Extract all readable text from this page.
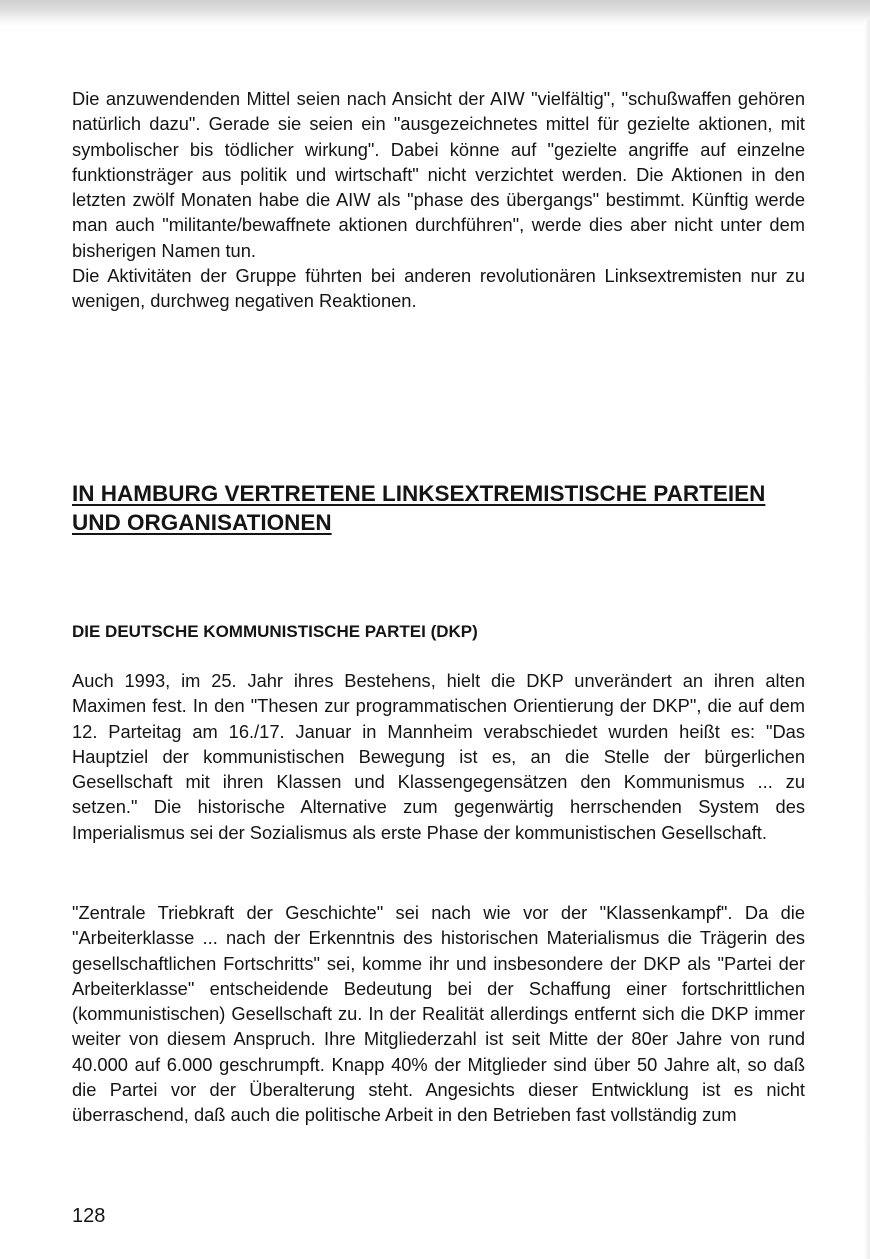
Die anzuwendenden Mittel seien nach Ansicht der AIW "vielfältig", "schußwaffen gehören natürlich dazu". Gerade sie seien ein "ausgezeichnetes mittel für gezielte aktionen, mit symbolischer bis tödlicher wirkung". Dabei könne auf "gezielte angriffe auf einzelne funktionsträger aus politik und wirtschaft" nicht verzichtet werden. Die Aktionen in den letzten zwölf Monaten habe die AIW als "phase des übergangs" bestimmt. Künftig werde man auch "militante/bewaffnete aktionen durchführen", werde dies aber nicht unter dem bisherigen Namen tun.

Die Aktivitäten der Gruppe führten bei anderen revolutionären Linksextremisten nur zu wenigen, durchweg negativen Reaktionen.

IN HAMBURG VERTRETENE LINKSEXTREMISTISCHE PARTEIEN UND ORGANISATIONEN
DIE DEUTSCHE KOMMUNISTISCHE PARTEI (DKP)

Auch 1993, im 25. Jahr ihres Bestehens, hielt die DKP unverändert an ihren alten Maximen fest. In den "Thesen zur programmatischen Orientierung der DKP", die auf dem 12. Parteitag am 16./17. Januar in Mannheim verabschiedet wurden heißt es: "Das Hauptziel der kommunistischen Bewegung ist es, an die Stelle der bürgerlichen Gesellschaft mit ihren Klassen und Klassengegensätzen den Kommunismus ... zu setzen." Die historische Alternative zum gegenwärtig herrschenden System des Imperialismus sei der Sozialismus als erste Phase der kommunistischen Gesellschaft.

"Zentrale Triebkraft der Geschichte" sei nach wie vor der "Klassenkampf". Da die "Arbeiterklasse ... nach der Erkenntnis des historischen Materialismus die Trägerin des gesellschaftlichen Fortschritts" sei, komme ihr und insbesondere der DKP als "Partei der Arbeiterklasse" entscheidende Bedeutung bei der Schaffung einer fortschrittlichen (kommunistischen) Gesellschaft zu. In der Realität allerdings entfernt sich die DKP immer weiter von diesem Anspruch. Ihre Mitgliederzahl ist seit Mitte der 80er Jahre von rund 40.000 auf 6.000 geschrumpft. Knapp 40% der Mitglieder sind über 50 Jahre alt, so daß die Partei vor der Überalterung steht. Angesichts dieser Entwicklung ist es nicht überraschend, daß auch die politische Arbeit in den Betrieben fast vollständig zum

128
